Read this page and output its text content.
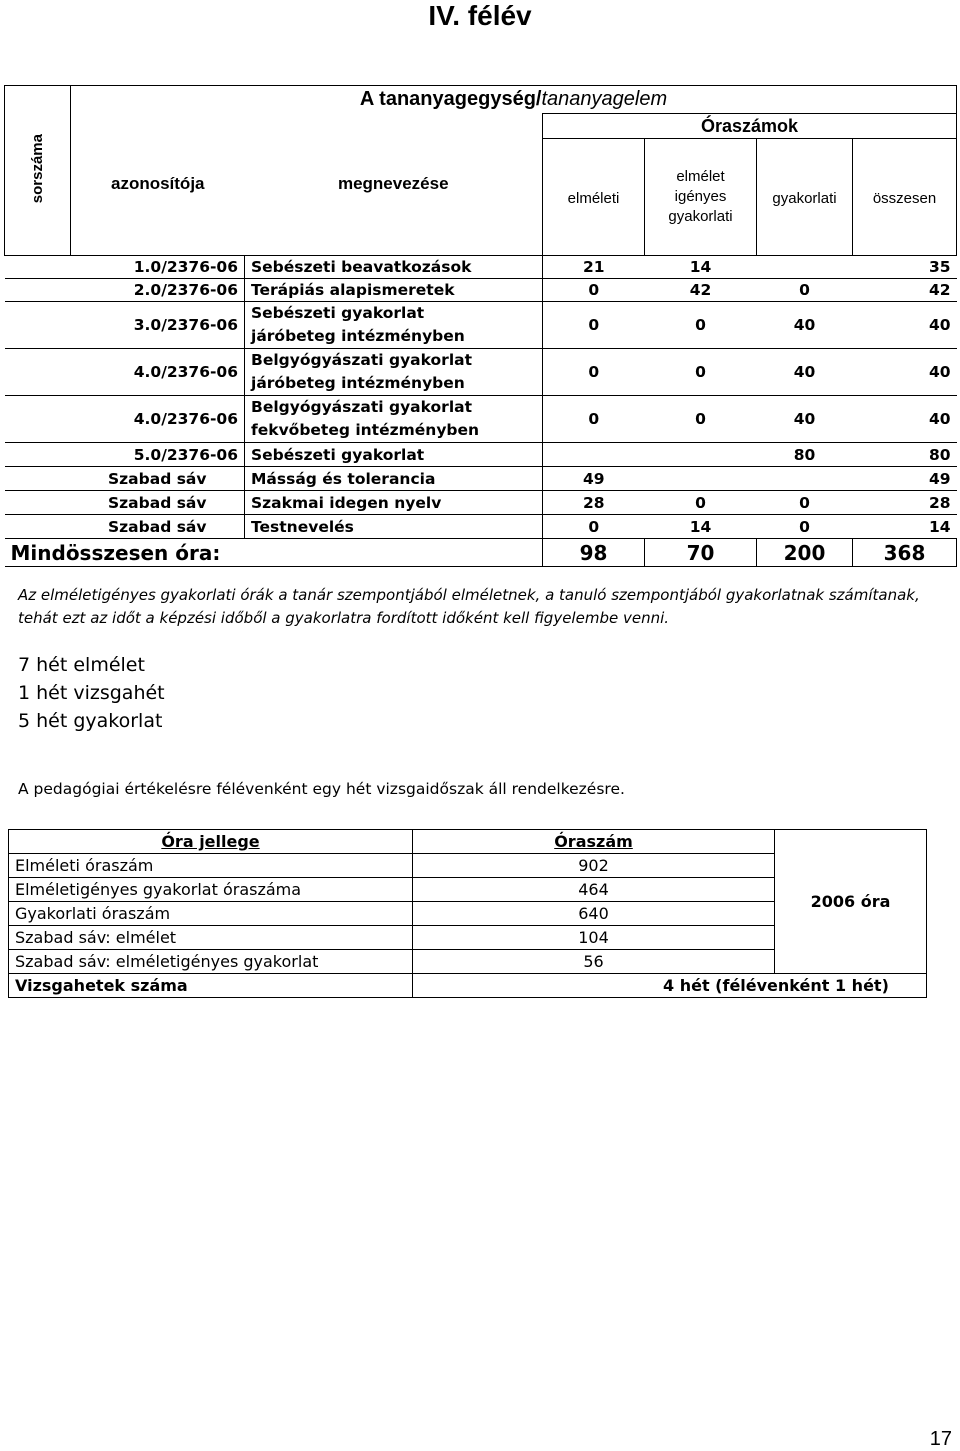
IV. félév
sorszáma	A tananyagegység/tananyagelem					
	azonosítója	megnevezése	Óraszámok			
			elméleti	elmélet
igényes
gyakorlati	gyakorlati	összesen
	1.0/2376-06	Sebészeti beavatkozások	21	14		35
	2.0/2376-06	Terápiás alapismeretek	0	42	0	42
	3.0/2376-06	Sebészeti gyakorlat
járóbeteg intézményben	0	0	40	40
	4.0/2376-06	Belgyógyászati gyakorlat
járóbeteg intézményben	0	0	40	40
	4.0/2376-06	Belgyógyászati gyakorlat
fekvőbeteg intézményben	0	0	40	40
	5.0/2376-06	Sebészeti gyakorlat			80	80
	Szabad sáv	Másság és tolerancia	49			49
	Szabad sáv	Szakmai idegen nyelv	28	0	0	28
	Szabad sáv	Testnevelés	0	14	0	14
Mindösszesen óra:			98	70	200	368
Az elméletigényes gyakorlati órák a tanár szempontjából elméletnek, a tanuló szempontjából gyakorlatnak számítanak, tehát ezt az időt a képzési időből a gyakorlatra fordított időként kell figyelembe venni.
7 hét elmélet
1 hét vizsgahét
5 hét gyakorlat
A pedagógiai értékelésre félévenként egy hét vizsgaidőszak áll rendelkezésre.
Óra jellege	Óraszám	2006 óra
Elméleti óraszám	902	
Elméletigényes gyakorlat óraszáma	464	
Gyakorlati óraszám	640	
Szabad sáv: elmélet	104	
Szabad sáv: elméletigényes gyakorlat	56	
Vizsgahetek száma	4 hét (félévenként 1 hét)	
17
